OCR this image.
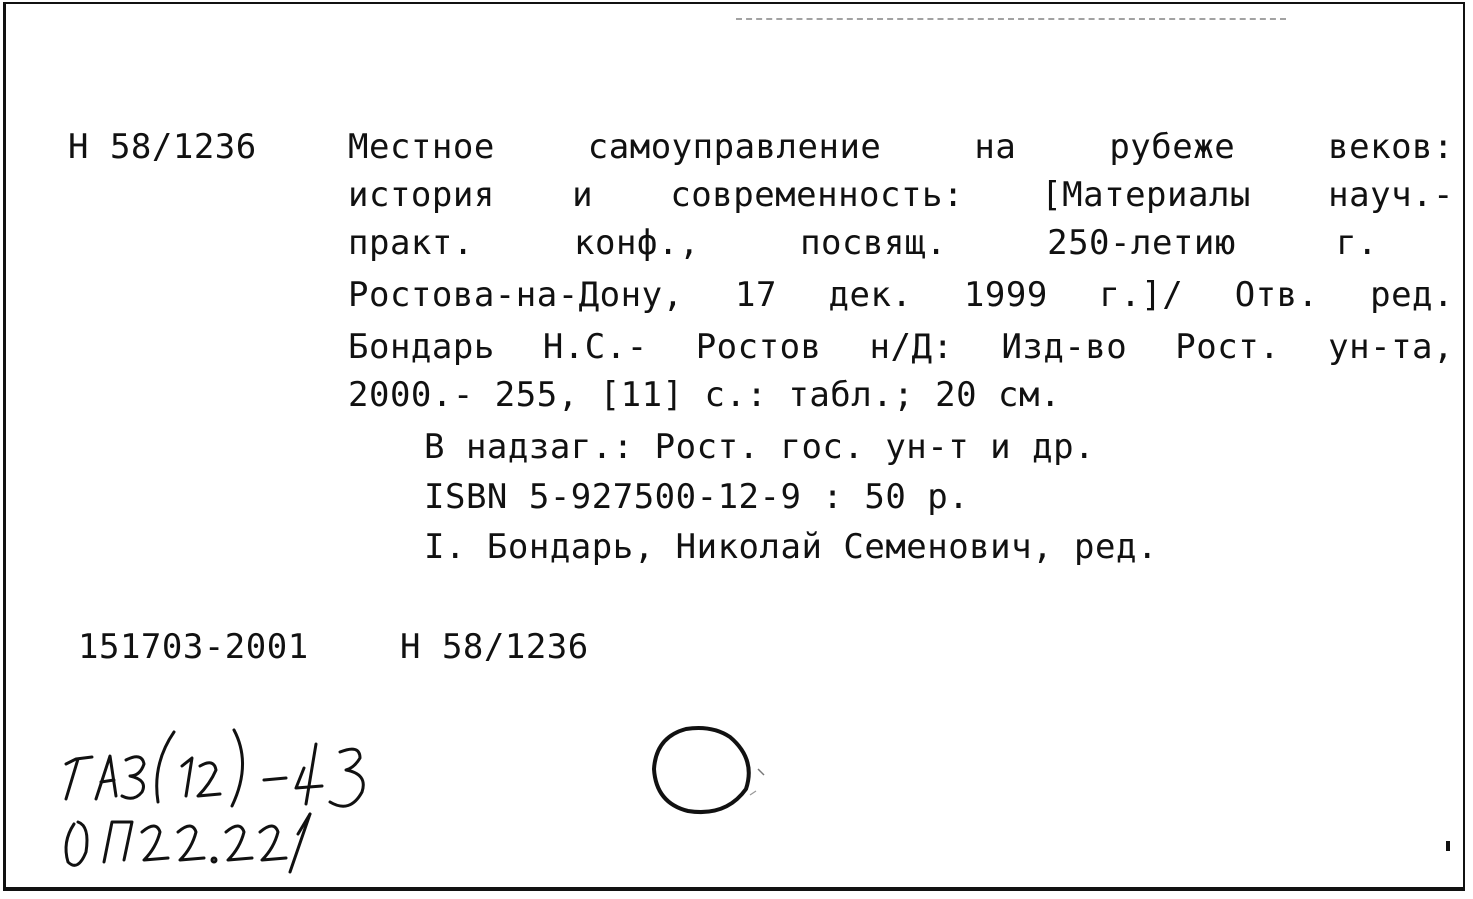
Н 58/1236	Местное самоуправление на рубеже веков:
история и современность: [Материалы науч.-
практ. конф., посвящ. 250-летию г.
Ростова-на-Дону, 17 дек. 1999 г.]/ Отв. ред.
Бондарь Н.С.- Ростов н/Д: Изд-во Рост. ун-та,
2000.- 255, [11] с.: табл.; 20 см.
В надзаг.: Рост. гос. ун-т и др.
ISBN 5-927500-12-9 : 50 р.
I. Бондарь, Николай Семенович, ред.
151703-2001	Н 58/1236
